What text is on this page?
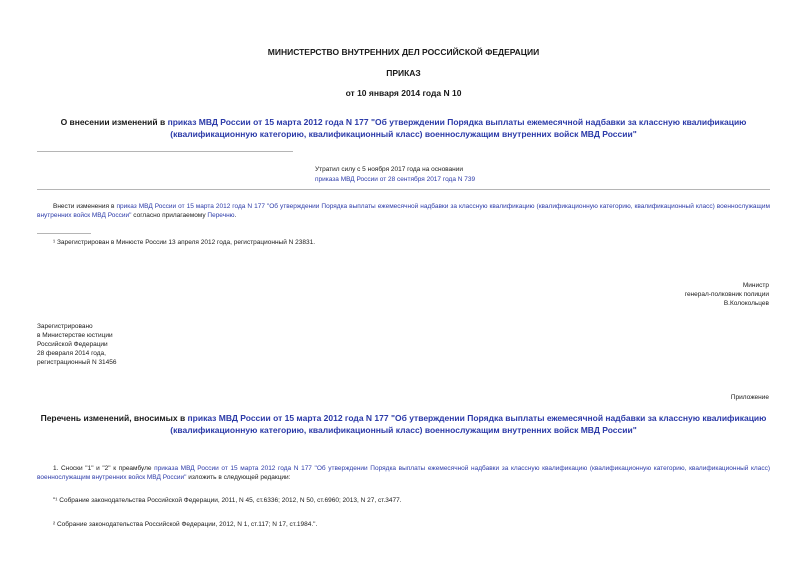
МИНИСТЕРСТВО ВНУТРЕННИХ ДЕЛ РОССИЙСКОЙ ФЕДЕРАЦИИ
ПРИКАЗ
от 10 января 2014 года N 10
О внесении изменений в приказ МВД России от 15 марта 2012 года N 177 "Об утверждении Порядка выплаты ежемесячной надбавки за классную квалификацию (квалификационную категорию, квалификационный класс) военнослужащим внутренних войск МВД России"
Утратил силу с 5 ноября 2017 года на основании
приказа МВД России от 28 сентября 2017 года N 739
Внести изменения в приказ МВД России от 15 марта 2012 года N 177 "Об утверждении Порядка выплаты ежемесячной надбавки за классную квалификацию (квалификационную категорию, квалификационный класс) военнослужащим внутренних войск МВД России" согласно прилагаемому Перечню.
¹ Зарегистрирован в Минюсте России 13 апреля 2012 года, регистрационный N 23831.
Министр
генерал-полковник полиции
В.Колокольцев
Зарегистрировано
в Министерстве юстиции
Российской Федерации
28 февраля 2014 года,
регистрационный N 31456
Приложение
Перечень изменений, вносимых в приказ МВД России от 15 марта 2012 года N 177 "Об утверждении Порядка выплаты ежемесячной надбавки за классную квалификацию (квалификационную категорию, квалификационный класс) военнослужащим внутренних войск МВД России"
1. Сноски "1" и "2" к преамбуле приказа МВД России от 15 марта 2012 года N 177 "Об утверждении Порядка выплаты ежемесячной надбавки за классную квалификацию (квалификационную категорию, квалификационный класс) военнослужащим внутренних войск МВД России" изложить в следующей редакции:
"¹ Собрание законодательства Российской Федерации, 2011, N 45, ст.6336; 2012, N 50, ст.6960; 2013, N 27, ст.3477.
² Собрание законодательства Российской Федерации, 2012, N 1, ст.117; N 17, ст.1984.".
